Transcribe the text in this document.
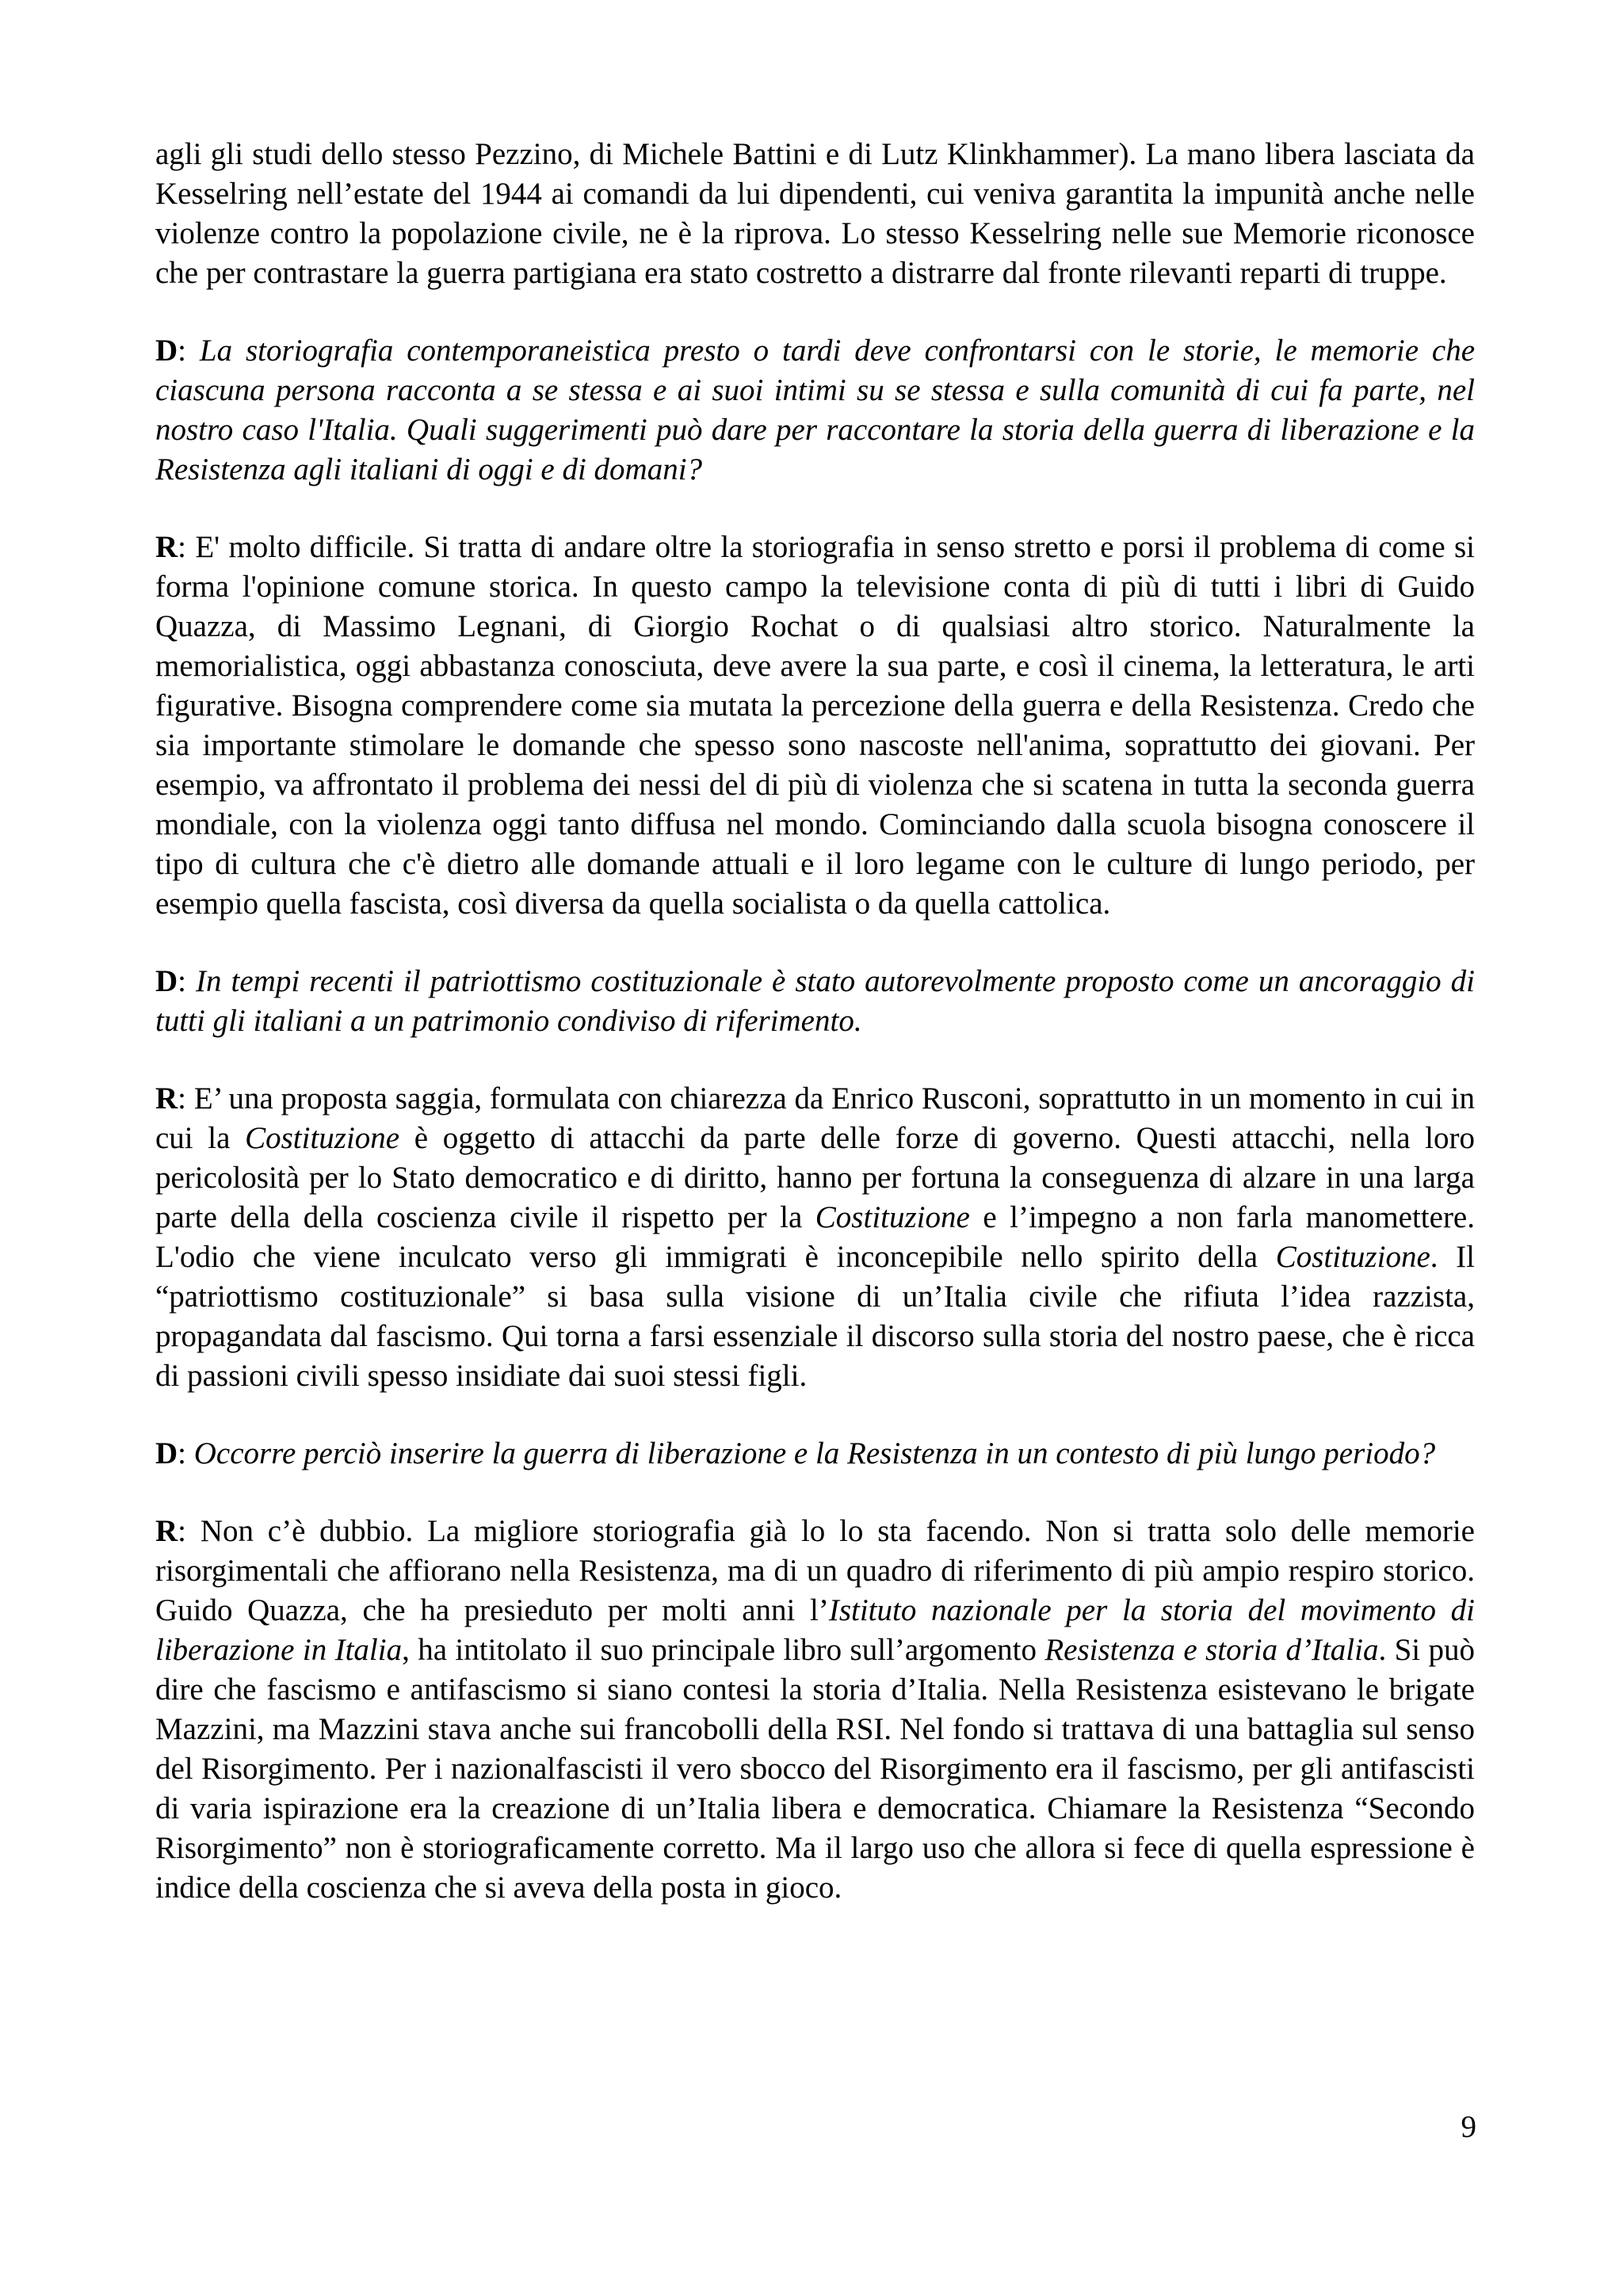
agli gli studi dello stesso Pezzino, di Michele Battini e di Lutz Klinkhammer). La mano libera lasciata da Kesselring nell’estate del 1944 ai comandi da lui dipendenti, cui veniva garantita la impunità anche nelle violenze contro la popolazione civile, ne è la riprova. Lo stesso Kesselring nelle sue Memorie riconosce che per contrastare la guerra partigiana era stato costretto a distrarre dal fronte rilevanti reparti di truppe.

D: La storiografia contemporaneistica presto o tardi deve confrontarsi con le storie, le memorie che ciascuna persona racconta a se stessa e ai suoi intimi su se stessa e sulla comunità di cui fa parte, nel nostro caso l'Italia. Quali suggerimenti può dare per raccontare la storia della guerra di liberazione e la Resistenza agli italiani di oggi e di domani?

R: E' molto difficile. Si tratta di andare oltre la storiografia in senso stretto e porsi il problema di come si forma l'opinione comune storica. In questo campo la televisione conta di più di tutti i libri di Guido Quazza, di Massimo Legnani, di Giorgio Rochat o di qualsiasi altro storico. Naturalmente la memorialistica, oggi abbastanza conosciuta, deve avere la sua parte, e così il cinema, la letteratura, le arti figurative. Bisogna comprendere come sia mutata la percezione della guerra e della Resistenza. Credo che sia importante stimolare le domande che spesso sono nascoste nell'anima, soprattutto dei giovani. Per esempio, va affrontato il problema dei nessi del di più di violenza che si scatena in tutta la seconda guerra mondiale, con la violenza oggi tanto diffusa nel mondo. Cominciando dalla scuola bisogna conoscere il tipo di cultura che c'è dietro alle domande attuali e il loro legame con le culture di lungo periodo, per esempio quella fascista, così diversa da quella socialista o da quella cattolica.

D: In tempi recenti il patriottismo costituzionale è stato autorevolmente proposto come un ancoraggio di tutti gli italiani a un patrimonio condiviso di riferimento.

R: E’ una proposta saggia, formulata con chiarezza da Enrico Rusconi, soprattutto in un momento in cui in cui la Costituzione è oggetto di attacchi da parte delle forze di governo. Questi attacchi, nella loro pericolosità per lo Stato democratico e di diritto, hanno per fortuna la conseguenza di alzare in una larga parte della della coscienza civile il rispetto per la Costituzione e l’impegno a non farla manomettere. L'odio che viene inculcato verso gli immigrati è inconcepibile nello spirito della Costituzione. Il “patriottismo costituzionale” si basa sulla visione di un’Italia civile che rifiuta l’idea razzista, propagandata dal fascismo. Qui torna a farsi essenziale il discorso sulla storia del nostro paese, che è ricca di passioni civili spesso insidiate dai suoi stessi figli.

D: Occorre perciò inserire la guerra di liberazione e la Resistenza in un contesto di più lungo periodo?

R: Non c’è dubbio. La migliore storiografia già lo lo sta facendo. Non si tratta solo delle memorie risorgimentali che affiorano nella Resistenza, ma di un quadro di riferimento di più ampio respiro storico. Guido Quazza, che ha presieduto per molti anni l’Istituto nazionale per la storia del movimento di liberazione in Italia, ha intitolato il suo principale libro sull’argomento Resistenza e storia d’Italia. Si può dire che fascismo e antifascismo si siano contesi la storia d’Italia. Nella Resistenza esistevano le brigate Mazzini, ma Mazzini stava anche sui francobolli della RSI. Nel fondo si trattava di una battaglia sul senso del Risorgimento. Per i nazionalfascisti il vero sbocco del Risorgimento era il fascismo, per gli antifascisti di varia ispirazione era la creazione di un’Italia libera e democratica. Chiamare la Resistenza “Secondo Risorgimento” non è storiograficamente corretto. Ma il largo uso che allora si fece di quella espressione è indice della coscienza che si aveva della posta in gioco.

9
